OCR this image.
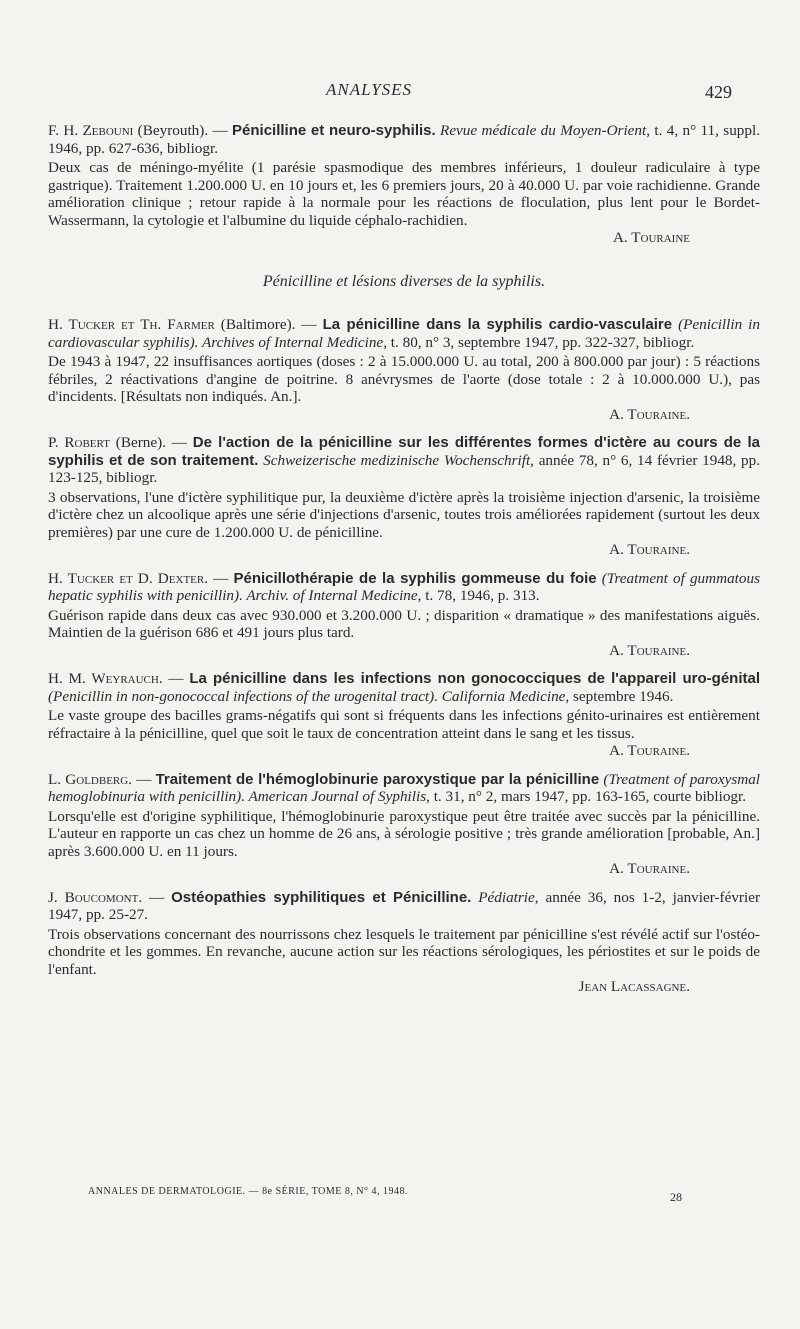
ANALYSES	429
F. H. Zebouni (Beyrouth). — Pénicilline et neuro-syphilis. Revue médicale du Moyen-Orient, t. 4, n° 11, suppl. 1946, pp. 627-636, bibliogr.
Deux cas de méningo-myélite (1 parésie spasmodique des membres inférieurs, 1 douleur radiculaire à type gastrique). Traitement 1.200.000 U. en 10 jours et, les 6 premiers jours, 20 à 40.000 U. par voie rachidienne. Grande amélioration clinique ; retour rapide à la normale pour les réactions de floculation, plus lent pour le Bordet-Wassermann, la cytologie et l'albumine du liquide céphalo-rachidien.
A. Touraine
Pénicilline et lésions diverses de la syphilis.
H. Tucker et Th. Farmer (Baltimore). — La pénicilline dans la syphilis cardio-vasculaire (Penicillin in cardiovascular syphilis). Archives of Internal Medicine, t. 80, n° 3, septembre 1947, pp. 322-327, bibliogr.
De 1943 à 1947, 22 insuffisances aortiques (doses : 2 à 15.000.000 U. au total, 200 à 800.000 par jour) : 5 réactions fébriles, 2 réactivations d'angine de poitrine. 8 anévrysmes de l'aorte (dose totale : 2 à 10.000.000 U.), pas d'incidents. [Résultats non indiqués. An.].
A. Touraine.
P. Robert (Berne). — De l'action de la pénicilline sur les différentes formes d'ictère au cours de la syphilis et de son traitement. Schweizerische medizinische Wochenschrift, année 78, n° 6, 14 février 1948, pp. 123-125, bibliogr.
3 observations, l'une d'ictère syphilitique pur, la deuxième d'ictère après la troisième injection d'arsenic, la troisième d'ictère chez un alcoolique après une série d'injections d'arsenic, toutes trois améliorées rapidement (surtout les deux premières) par une cure de 1.200.000 U. de pénicilline.
A. Touraine.
H. Tucker et D. Dexter. — Pénicillothérapie de la syphilis gommeuse du foie (Treatment of gummatous hepatic syphilis with penicillin). Archiv. of Internal Medicine, t. 78, 1946, p. 313.
Guérison rapide dans deux cas avec 930.000 et 3.200.000 U. ; disparition « dramatique » des manifestations aiguës. Maintien de la guérison 686 et 491 jours plus tard.
A. Touraine.
H. M. Weyrauch. — La pénicilline dans les infections non gonococciques de l'appareil uro-génital (Penicillin in non-gonococcal infections of the urogenital tract). California Medicine, septembre 1946.
Le vaste groupe des bacilles grams-négatifs qui sont si fréquents dans les infections génito-urinaires est entièrement réfractaire à la pénicilline, quel que soit le taux de concentration atteint dans le sang et les tissus.
A. Touraine.
L. Goldberg. — Traitement de l'hémoglobinurie paroxystique par la pénicilline (Treatment of paroxysmal hemoglobinuria with penicillin). American Journal of Syphilis, t. 31, n° 2, mars 1947, pp. 163-165, courte bibliogr.
Lorsqu'elle est d'origine syphilitique, l'hémoglobinurie paroxystique peut être traitée avec succès par la pénicilline. L'auteur en rapporte un cas chez un homme de 26 ans, à sérologie positive ; très grande amélioration [probable, An.] après 3.600.000 U. en 11 jours.
A. Touraine.
J. Boucomont. — Ostéopathies syphilitiques et Pénicilline. Pédiatrie, année 36, nos 1-2, janvier-février 1947, pp. 25-27.
Trois observations concernant des nourrissons chez lesquels le traitement par pénicilline s'est révélé actif sur l'ostéo-chondrite et les gommes. En revanche, aucune action sur les réactions sérologiques, les périostites et sur le poids de l'enfant.
Jean Lacassagne.
ANNALES DE DERMATOLOGIE. — 8e SÉRIE, TOME 8, N° 4, 1948.	28
